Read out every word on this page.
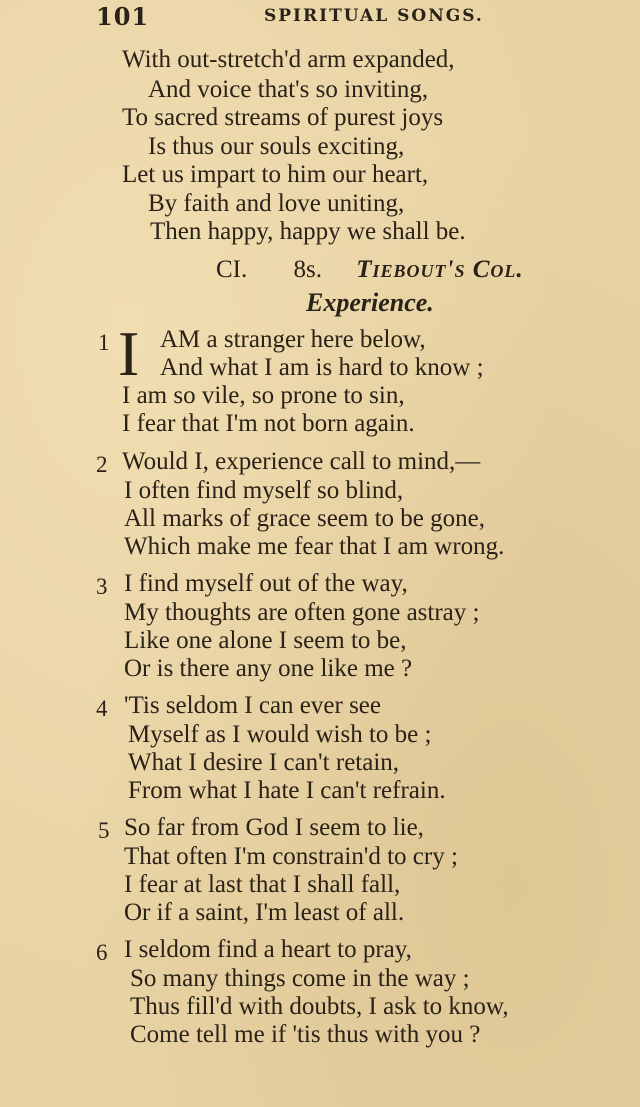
101	SPIRITUAL SONGS.
With out-stretch'd arm expanded,
And voice that's so inviting,
To sacred streams of purest joys
Is thus our souls exciting,
Let us impart to him our heart,
By faith and love uniting,
Then happy, happy we shall be.
CI. 8s. Tiebout's Col.
Experience.
1 I AM a stranger here below,
And what I am is hard to know ;
I am so vile, so prone to sin,
I fear that I'm not born again.
2 Would I, experience call to mind,—
I often find myself so blind,
All marks of grace seem to be gone,
Which make me fear that I am wrong.
3 I find myself out of the way,
My thoughts are often gone astray ;
Like one alone I seem to be,
Or is there any one like me ?
4 'Tis seldom I can ever see
Myself as I would wish to be ;
What I desire I can't retain,
From what I hate I can't refrain.
5 So far from God I seem to lie,
That often I'm constrain'd to cry ;
I fear at last that I shall fall,
Or if a saint, I'm least of all.
6 I seldom find a heart to pray,
So many things come in the way ;
Thus fill'd with doubts, I ask to know,
Come tell me if 'tis thus with you ?
